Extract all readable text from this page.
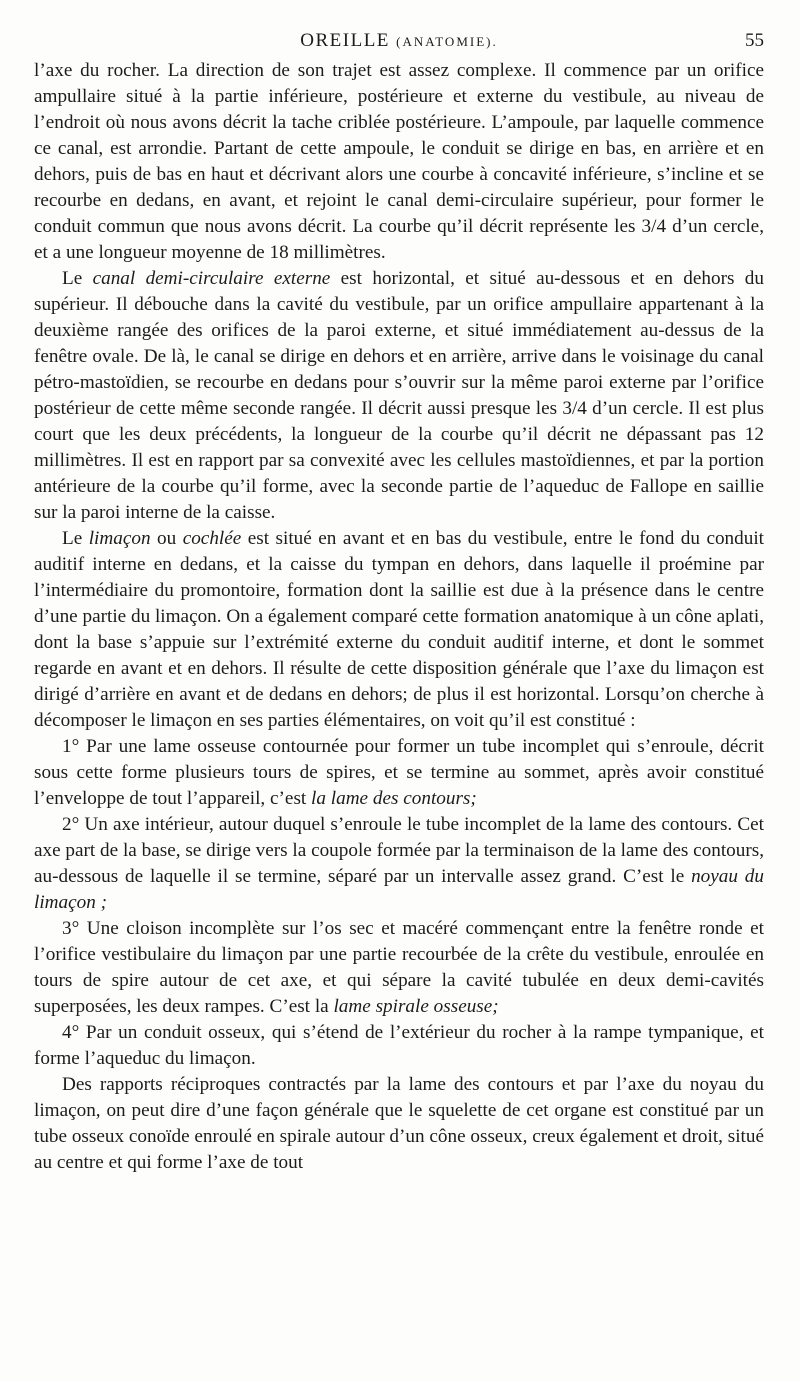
OREILLE (ANATOMIE).	55

l’axe du rocher. La direction de son trajet est assez complexe. Il commence par un orifice ampullaire situé à la partie inférieure, postérieure et externe du vestibule, au niveau de l’endroit où nous avons décrit la tache criblée postérieure. L’ampoule, par laquelle commence ce canal, est arrondie. Partant de cette ampoule, le conduit se dirige en bas, en arrière et en dehors, puis de bas en haut et décrivant alors une courbe à concavité inférieure, s’incline et se recourbe en dedans, en avant, et rejoint le canal demi-circulaire supérieur, pour former le conduit commun que nous avons décrit. La courbe qu’il décrit représente les 3/4 d’un cercle, et a une longueur moyenne de 18 millimètres.

Le canal demi-circulaire externe est horizontal, et situé au-dessous et en dehors du supérieur. Il débouche dans la cavité du vestibule, par un orifice ampullaire appartenant à la deuxième rangée des orifices de la paroi externe, et situé immédiatement au-dessus de la fenêtre ovale. De là, le canal se dirige en dehors et en arrière, arrive dans le voisinage du canal pétro-mastoïdien, se recourbe en dedans pour s’ouvrir sur la même paroi externe par l’orifice postérieur de cette même seconde rangée. Il décrit aussi presque les 3/4 d’un cercle. Il est plus court que les deux précédents, la longueur de la courbe qu’il décrit ne dépassant pas 12 millimètres. Il est en rapport par sa convexité avec les cellules mastoïdiennes, et par la portion antérieure de la courbe qu’il forme, avec la seconde partie de l’aqueduc de Fallope en saillie sur la paroi interne de la caisse.

Le limaçon ou cochlée est situé en avant et en bas du vestibule, entre le fond du conduit auditif interne en dedans, et la caisse du tympan en dehors, dans laquelle il proémine par l’intermédiaire du promontoire, formation dont la saillie est due à la présence dans le centre d’une partie du limaçon. On a également comparé cette formation anatomique à un cône aplati, dont la base s’appuie sur l’extrémité externe du conduit auditif interne, et dont le sommet regarde en avant et en dehors. Il résulte de cette disposition générale que l’axe du limaçon est dirigé d’arrière en avant et de dedans en dehors; de plus il est horizontal. Lorsqu’on cherche à décomposer le limaçon en ses parties élémentaires, on voit qu’il est constitué :

1° Par une lame osseuse contournée pour former un tube incomplet qui s’enroule, décrit sous cette forme plusieurs tours de spires, et se termine au sommet, après avoir constitué l’enveloppe de tout l’appareil, c’est la lame des contours;

2° Un axe intérieur, autour duquel s’enroule le tube incomplet de la lame des contours. Cet axe part de la base, se dirige vers la coupole formée par la terminaison de la lame des contours, au-dessous de laquelle il se termine, séparé par un intervalle assez grand. C’est le noyau du limaçon ;

3° Une cloison incomplète sur l’os sec et macéré commençant entre la fenêtre ronde et l’orifice vestibulaire du limaçon par une partie recourbée de la crête du vestibule, enroulée en tours de spire autour de cet axe, et qui sépare la cavité tubulée en deux demi-cavités superposées, les deux rampes. C’est la lame spirale osseuse;

4° Par un conduit osseux, qui s’étend de l’extérieur du rocher à la rampe tympanique, et forme l’aqueduc du limaçon.

Des rapports réciproques contractés par la lame des contours et par l’axe du noyau du limaçon, on peut dire d’une façon générale que le squelette de cet organe est constitué par un tube osseux conoïde enroulé en spirale autour d’un cône osseux, creux également et droit, situé au centre et qui forme l’axe de tout
